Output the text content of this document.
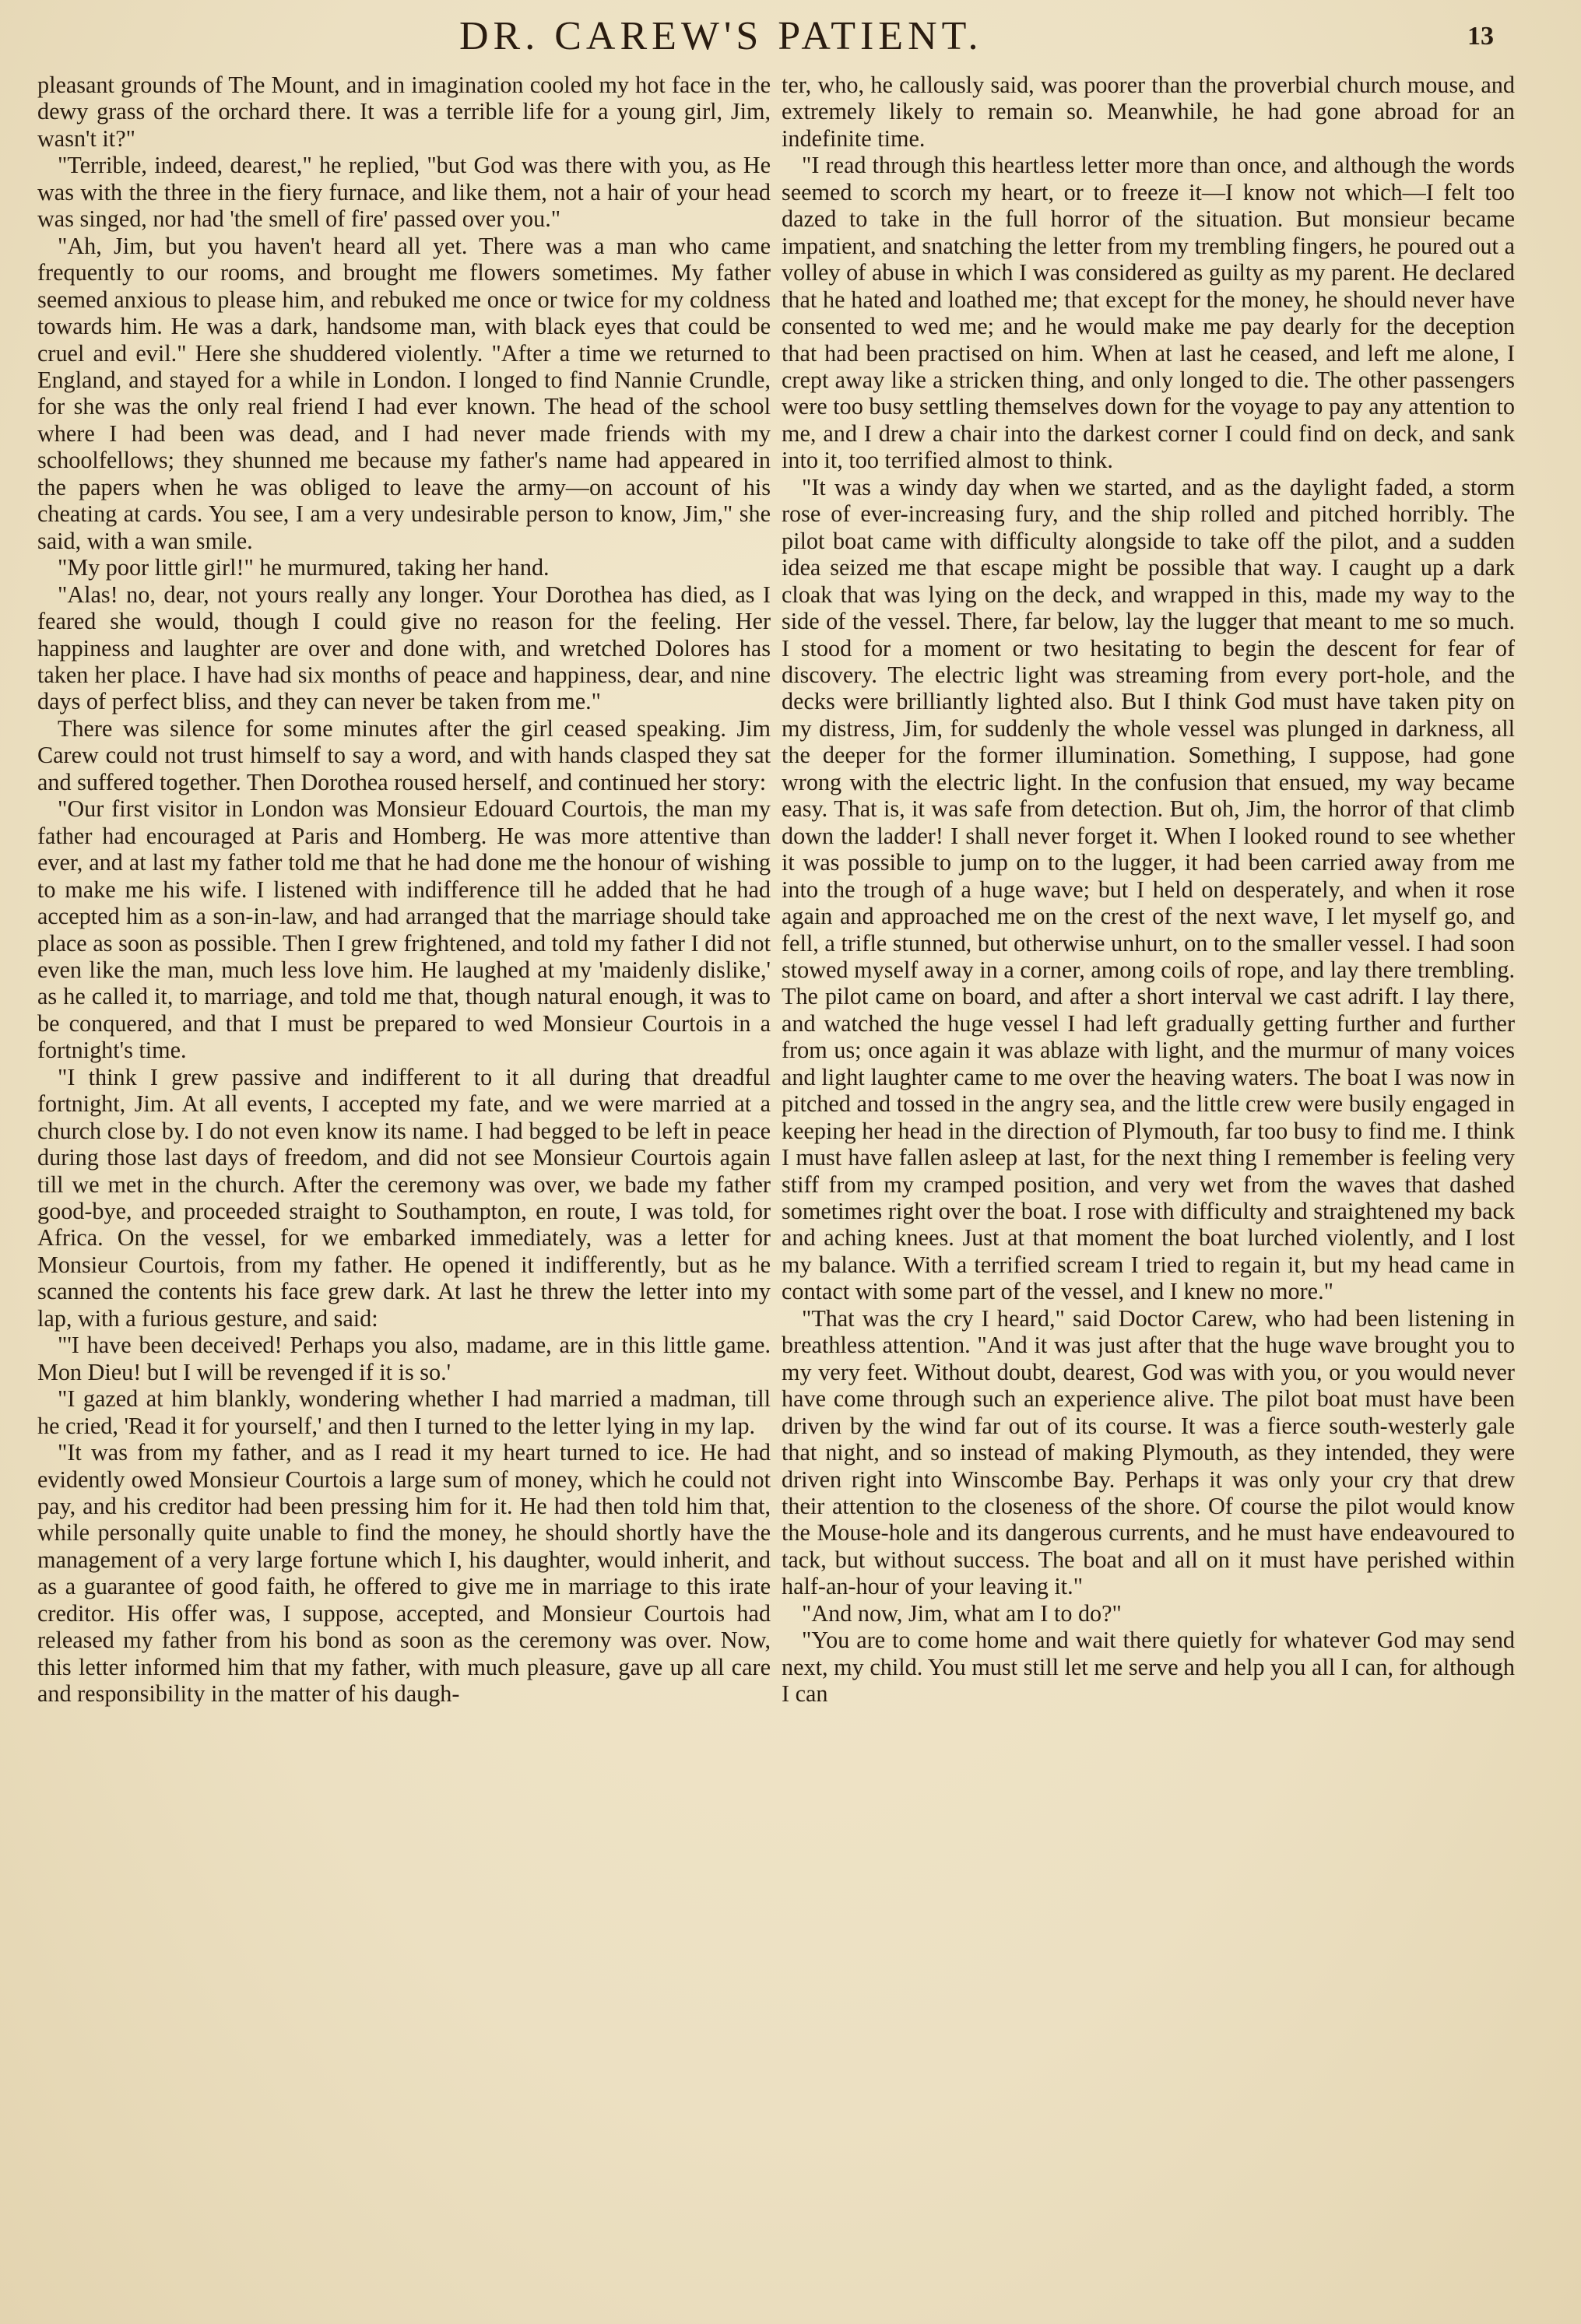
DR. CAREW'S PATIENT.	13

pleasant grounds of The Mount, and in imagination cooled my hot face in the dewy grass of the orchard there. It was a terrible life for a young girl, Jim, wasn't it?"

"Terrible, indeed, dearest," he replied, "but God was there with you, as He was with the three in the fiery furnace, and like them, not a hair of your head was singed, nor had 'the smell of fire' passed over you."

"Ah, Jim, but you haven't heard all yet. There was a man who came frequently to our rooms, and brought me flowers sometimes. My father seemed anxious to please him, and rebuked me once or twice for my coldness towards him. He was a dark, handsome man, with black eyes that could be cruel and evil." Here she shuddered violently. "After a time we returned to England, and stayed for a while in London. I longed to find Nannie Crundle, for she was the only real friend I had ever known. The head of the school where I had been was dead, and I had never made friends with my schoolfellows; they shunned me because my father's name had appeared in the papers when he was obliged to leave the army—on account of his cheating at cards. You see, I am a very undesirable person to know, Jim," she said, with a wan smile.

"My poor little girl!" he murmured, taking her hand.

"Alas! no, dear, not yours really any longer. Your Dorothea has died, as I feared she would, though I could give no reason for the feeling. Her happiness and laughter are over and done with, and wretched Dolores has taken her place. I have had six months of peace and happiness, dear, and nine days of perfect bliss, and they can never be taken from me."

There was silence for some minutes after the girl ceased speaking. Jim Carew could not trust himself to say a word, and with hands clasped they sat and suffered together. Then Dorothea roused herself, and continued her story:

"Our first visitor in London was Monsieur Edouard Courtois, the man my father had encouraged at Paris and Homberg. He was more attentive than ever, and at last my father told me that he had done me the honour of wishing to make me his wife. I listened with indifference till he added that he had accepted him as a son-in-law, and had arranged that the marriage should take place as soon as possible. Then I grew frightened, and told my father I did not even like the man, much less love him. He laughed at my 'maidenly dislike,' as he called it, to marriage, and told me that, though natural enough, it was to be conquered, and that I must be prepared to wed Monsieur Courtois in a fortnight's time.

"I think I grew passive and indifferent to it all during that dreadful fortnight, Jim. At all events, I accepted my fate, and we were married at a church close by. I do not even know its name. I had begged to be left in peace during those last days of freedom, and did not see Monsieur Courtois again till we met in the church. After the ceremony was over, we bade my father good-bye, and proceeded straight to Southampton, en route, I was told, for Africa. On the vessel, for we embarked immediately, was a letter for Monsieur Courtois, from my father. He opened it indifferently, but as he scanned the contents his face grew dark. At last he threw the letter into my lap, with a furious gesture, and said:

"'I have been deceived! Perhaps you also, madame, are in this little game. Mon Dieu! but I will be revenged if it is so.'

"I gazed at him blankly, wondering whether I had married a madman, till he cried, 'Read it for yourself,' and then I turned to the letter lying in my lap.

"It was from my father, and as I read it my heart turned to ice. He had evidently owed Monsieur Courtois a large sum of money, which he could not pay, and his creditor had been pressing him for it. He had then told him that, while personally quite unable to find the money, he should shortly have the management of a very large fortune which I, his daughter, would inherit, and as a guarantee of good faith, he offered to give me in marriage to this irate creditor. His offer was, I suppose, accepted, and Monsieur Courtois had released my father from his bond as soon as the ceremony was over. Now, this letter informed him that my father, with much pleasure, gave up all care and responsibility in the matter of his daugh-

ter, who, he callously said, was poorer than the proverbial church mouse, and extremely likely to remain so. Meanwhile, he had gone abroad for an indefinite time.

"I read through this heartless letter more than once, and although the words seemed to scorch my heart, or to freeze it—I know not which—I felt too dazed to take in the full horror of the situation. But monsieur became impatient, and snatching the letter from my trembling fingers, he poured out a volley of abuse in which I was considered as guilty as my parent. He declared that he hated and loathed me; that except for the money, he should never have consented to wed me; and he would make me pay dearly for the deception that had been practised on him. When at last he ceased, and left me alone, I crept away like a stricken thing, and only longed to die. The other passengers were too busy settling themselves down for the voyage to pay any attention to me, and I drew a chair into the darkest corner I could find on deck, and sank into it, too terrified almost to think.

"It was a windy day when we started, and as the daylight faded, a storm rose of ever-increasing fury, and the ship rolled and pitched horribly. The pilot boat came with difficulty alongside to take off the pilot, and a sudden idea seized me that escape might be possible that way. I caught up a dark cloak that was lying on the deck, and wrapped in this, made my way to the side of the vessel. There, far below, lay the lugger that meant to me so much. I stood for a moment or two hesitating to begin the descent for fear of discovery. The electric light was streaming from every port-hole, and the decks were brilliantly lighted also. But I think God must have taken pity on my distress, Jim, for suddenly the whole vessel was plunged in darkness, all the deeper for the former illumination. Something, I suppose, had gone wrong with the electric light. In the confusion that ensued, my way became easy. That is, it was safe from detection. But oh, Jim, the horror of that climb down the ladder! I shall never forget it. When I looked round to see whether it was possible to jump on to the lugger, it had been carried away from me into the trough of a huge wave; but I held on desperately, and when it rose again and approached me on the crest of the next wave, I let myself go, and fell, a trifle stunned, but otherwise unhurt, on to the smaller vessel. I had soon stowed myself away in a corner, among coils of rope, and lay there trembling. The pilot came on board, and after a short interval we cast adrift. I lay there, and watched the huge vessel I had left gradually getting further and further from us; once again it was ablaze with light, and the murmur of many voices and light laughter came to me over the heaving waters. The boat I was now in pitched and tossed in the angry sea, and the little crew were busily engaged in keeping her head in the direction of Plymouth, far too busy to find me. I think I must have fallen asleep at last, for the next thing I remember is feeling very stiff from my cramped position, and very wet from the waves that dashed sometimes right over the boat. I rose with difficulty and straightened my back and aching knees. Just at that moment the boat lurched violently, and I lost my balance. With a terrified scream I tried to regain it, but my head came in contact with some part of the vessel, and I knew no more."

"That was the cry I heard," said Doctor Carew, who had been listening in breathless attention. "And it was just after that the huge wave brought you to my very feet. Without doubt, dearest, God was with you, or you would never have come through such an experience alive. The pilot boat must have been driven by the wind far out of its course. It was a fierce south-westerly gale that night, and so instead of making Plymouth, as they intended, they were driven right into Winscombe Bay. Perhaps it was only your cry that drew their attention to the closeness of the shore. Of course the pilot would know the Mouse-hole and its dangerous currents, and he must have endeavoured to tack, but without success. The boat and all on it must have perished within half-an-hour of your leaving it."

"And now, Jim, what am I to do?"

"You are to come home and wait there quietly for whatever God may send next, my child. You must still let me serve and help you all I can, for although I can
